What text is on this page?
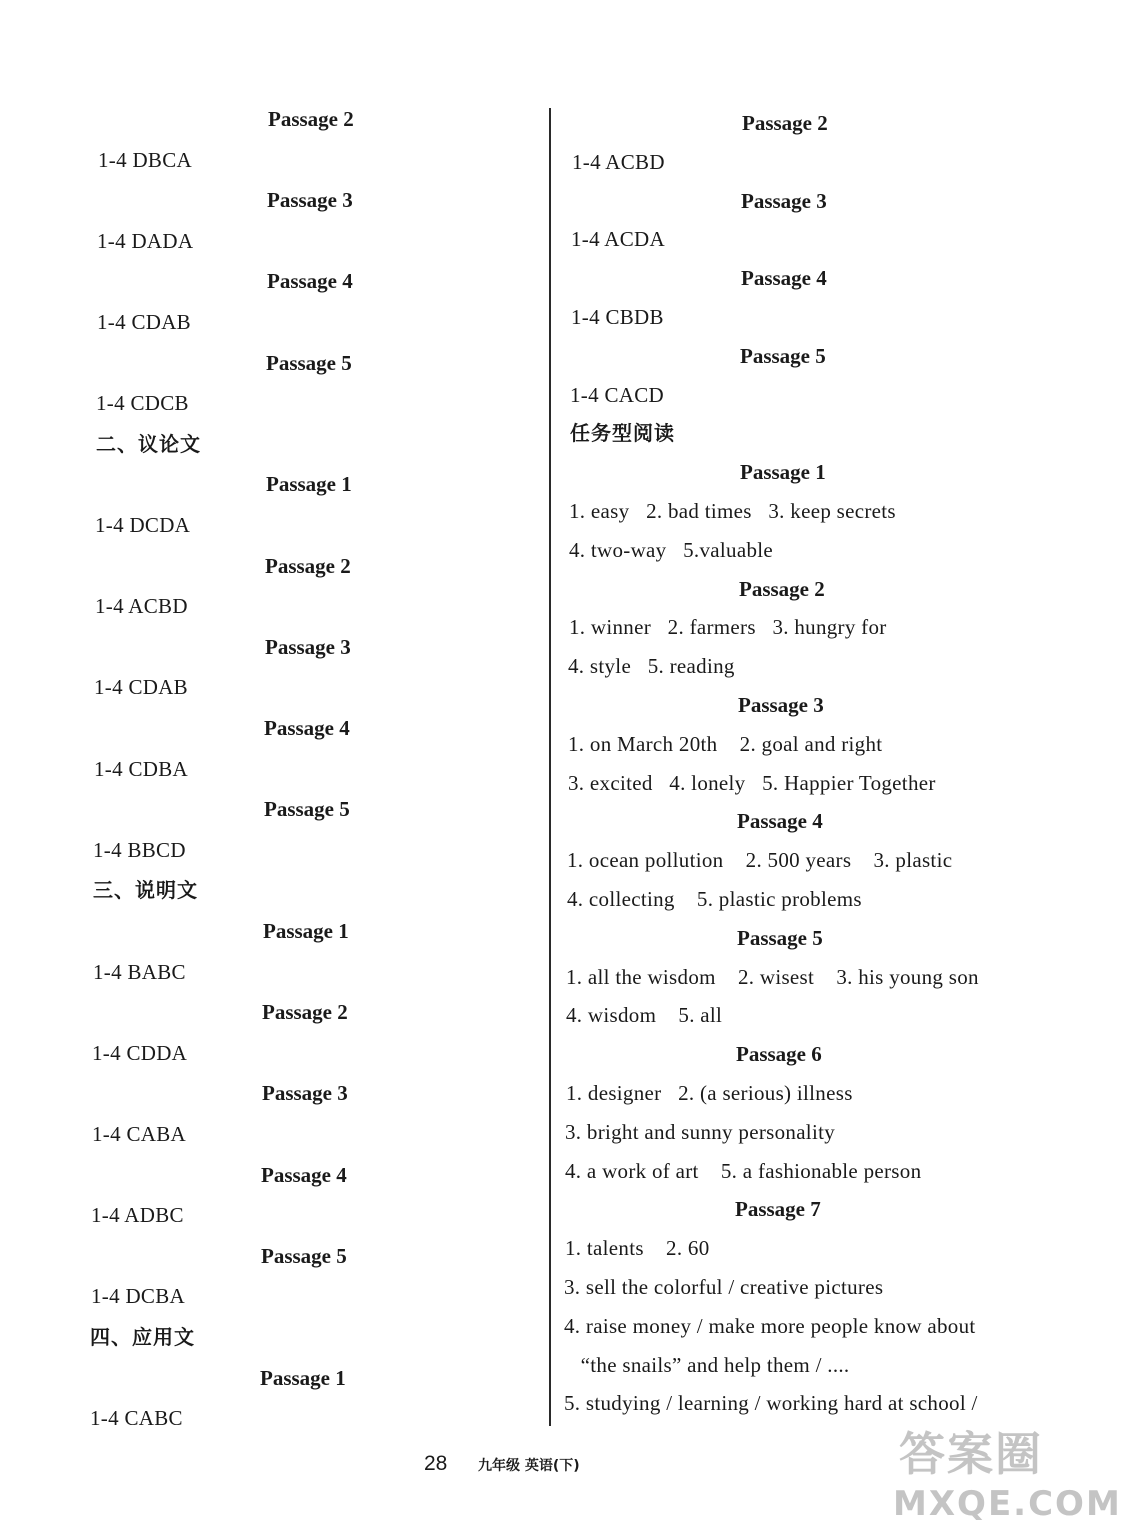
Passage 2
1-4 DBCA
Passage 3
1-4 DADA
Passage 4
1-4 CDAB
Passage 5
1-4 CDCB
二、议论文
Passage 1
1-4 DCDA
Passage 2
1-4 ACBD
Passage 3
1-4 CDAB
Passage 4
1-4 CDBA
Passage 5
1-4 BBCD
三、说明文
Passage 1
1-4 BABC
Passage 2
1-4 CDDA
Passage 3
1-4 CABA
Passage 4
1-4 ADBC
Passage 5
1-4 DCBA
四、应用文
Passage 1
1-4 CABC
Passage 2
1-4 ACBD
Passage 3
1-4 ACDA
Passage 4
1-4 CBDB
Passage 5
1-4 CACD
任务型阅读
Passage 1
1. easy   2. bad times   3. keep secrets
4. two-way   5.valuable
Passage 2
1. winner   2. farmers   3. hungry for
4. style   5. reading
Passage 3
1. on March 20th    2. goal and right
3. excited   4. lonely   5. Happier Together
Passage 4
1. ocean pollution    2. 500 years    3. plastic
4. collecting    5. plastic problems
Passage 5
1. all the wisdom    2. wisest    3. his young son
4. wisdom    5. all
Passage 6
1. designer   2. (a serious) illness
3. bright and sunny personality
4. a work of art    5. a fashionable person
Passage 7
1. talents    2. 60
3. sell the colorful / creative pictures
4. raise money / make more people know about
“the snails” and help them / ....
5. studying / learning / working hard at school /
28 九年级 英语(下)	答案圈
MXQE.COM
